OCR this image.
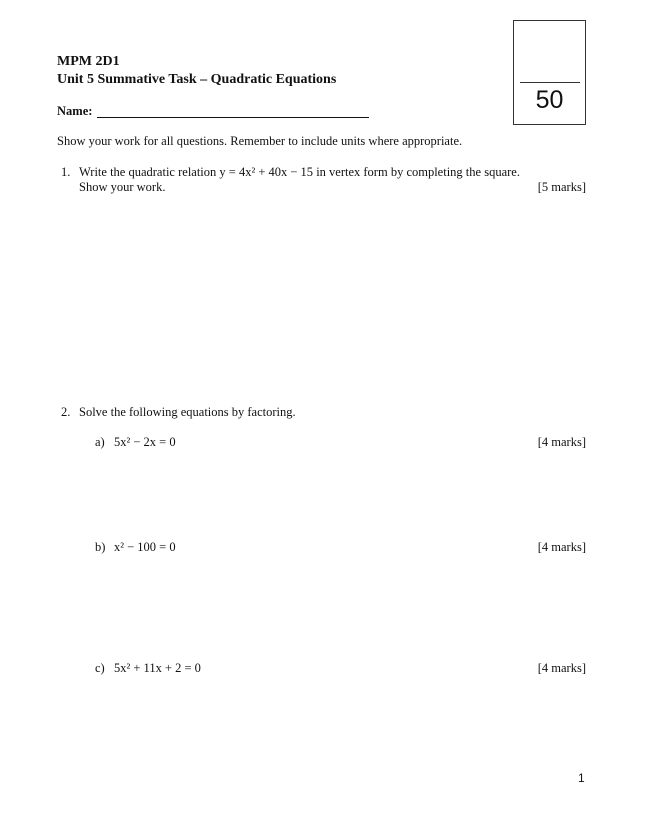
MPM 2D1
Unit 5 Summative Task – Quadratic Equations
Name:	50
Show your work for all questions. Remember to include units where appropriate.
1. Write the quadratic relation y = 4x² + 40x − 15 in vertex form by completing the square.
Show your work.	[5 marks]
2. Solve the following equations by factoring.
a) 5x² − 2x = 0	[4 marks]
b) x² − 100 = 0	[4 marks]
c) 5x² + 11x + 2 = 0	[4 marks]
1
